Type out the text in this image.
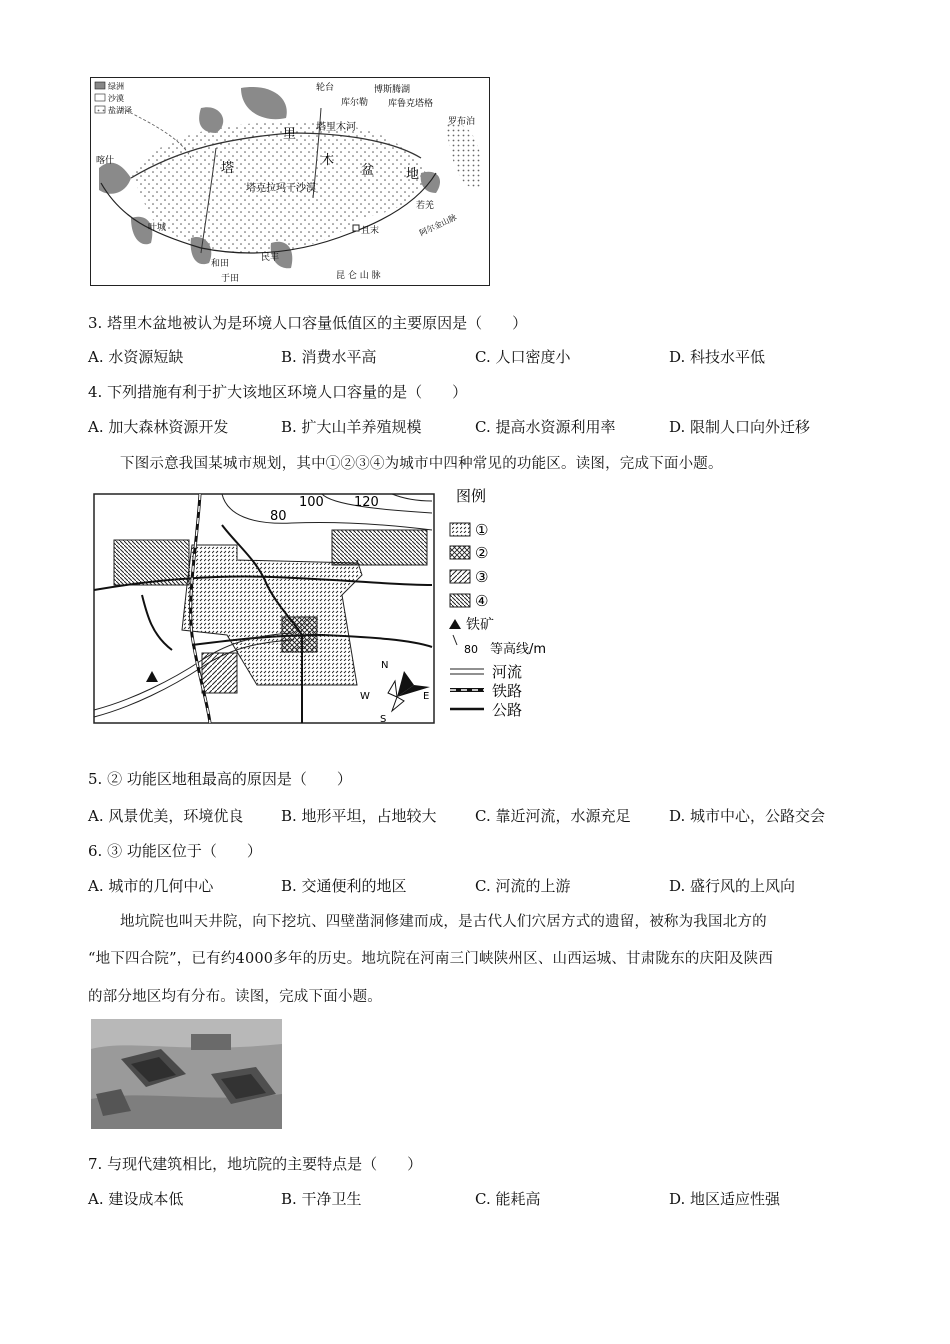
绿洲
沙漠
盐湖泽
轮台	博斯腾湖
库尔勒 库鲁克塔格
罗布泊
喀什
塔里木河
塔
里
木
盆 地
塔克拉玛干沙漠
叶城
和田
于田
民丰
且末
若羌
阿尔金山脉
昆 仑 山 脉
3. 塔里木盆地被认为是环境人口容量低值区的主要原因是（　　）
A. 水资源短缺	B. 消费水平高	C. 人口密度小	D. 科技水平低
4. 下列措施有利于扩大该地区环境人口容量的是（　　）
A. 加大森林资源开发	B. 扩大山羊养殖规模	C. 提高水资源利用率	D. 限制人口向外迁移
下图示意我国某城市规划，其中①②③④为城市中四种常见的功能区。读图，完成下面小题。
80
100 120
N
S
W	E
图例
①
②
③
④
铁矿
80 等高线/m
河流
铁路
公路
5. ② 功能区地租最高的原因是（　　）
A. 风景优美，环境优良	B. 地形平坦，占地较大	C. 靠近河流，水源充足	D. 城市中心，公路交会
6. ③ 功能区位于（　　）
A. 城市的几何中心	B. 交通便利的地区	C. 河流的上游	D. 盛行风的上风向
地坑院也叫天井院，向下挖坑、四壁凿洞修建而成，是古代人们穴居方式的遗留，被称为我国北方的
“地下四合院”，已有约4000多年的历史。地坑院在河南三门峡陕州区、山西运城、甘肃陇东的庆阳及陕西
的部分地区均有分布。读图，完成下面小题。
7. 与现代建筑相比，地坑院的主要特点是（　　）
A. 建设成本低	B. 干净卫生	C. 能耗高	D. 地区适应性强
